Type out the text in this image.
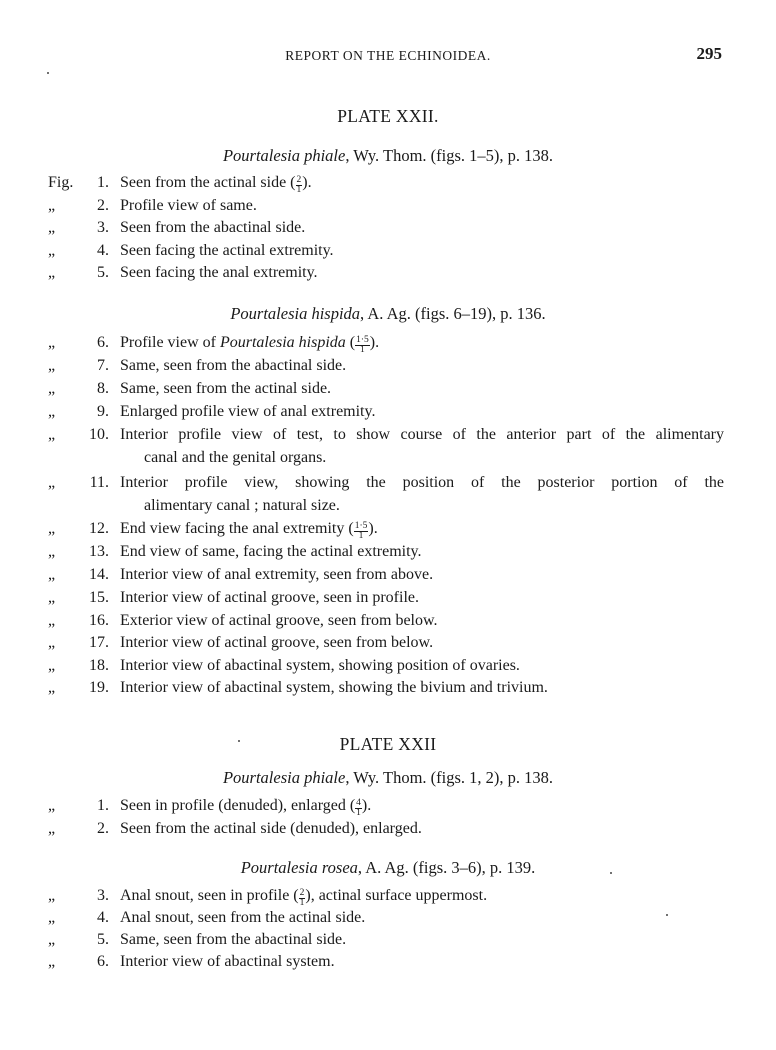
REPORT ON THE ECHINOIDEA.	295
PLATE XXII.
Pourtalesia phiale, Wy. Thom. (figs. 1–5), p. 138.
Fig. 1. Seen from the actinal side ( $\frac{2}{1}$ ).
„	2. Profile view of same.
„	3. Seen from the abactinal side.
„	4. Seen facing the actinal extremity.
„	5. Seen facing the anal extremity.
Pourtalesia hispida, A. Ag. (figs. 6–19), p. 136.
„	6. Profile view of Pourtalesia hispida ( $\frac{1\cdot 5}{1}$ ).
„	7. Same, seen from the abactinal side.
„	8. Same, seen from the actinal side.
„	9. Enlarged profile view of anal extremity.
„ 10. Interior profile view of test, to show course of the anterior part of the alimentary
canal and the genital organs.
„ 11. Interior profile view, showing the position of the posterior portion of the
alimentary canal ; natural size.
„ 12. End view facing the anal extremity ( $\frac{1\cdot 5}{1}$ ).
„ 13. End view of same, facing the actinal extremity.
„ 14. Interior view of anal extremity, seen from above.
„ 15. Interior view of actinal groove, seen in profile.
„ 16. Exterior view of actinal groove, seen from below.
„ 17. Interior view of actinal groove, seen from below.
„ 18. Interior view of abactinal system, showing position of ovaries.
„ 19. Interior view of abactinal system, showing the bivium and trivium.
PLATE XXII
Pourtalesia phiale, Wy. Thom. (figs. 1, 2), p. 138.
„	1. Seen in profile (denuded), enlarged ( $\frac{4}{1}$ ).
„	2. Seen from the actinal side (denuded), enlarged.
Pourtalesia rosea, A. Ag. (figs. 3–6), p. 139.
„	3. Anal snout, seen in profile ( $\frac{2}{1}$ ), actinal surface uppermost.
„	4. Anal snout, seen from the actinal side.
„	5. Same, seen from the abactinal side.
„	6. Interior view of abactinal system.
